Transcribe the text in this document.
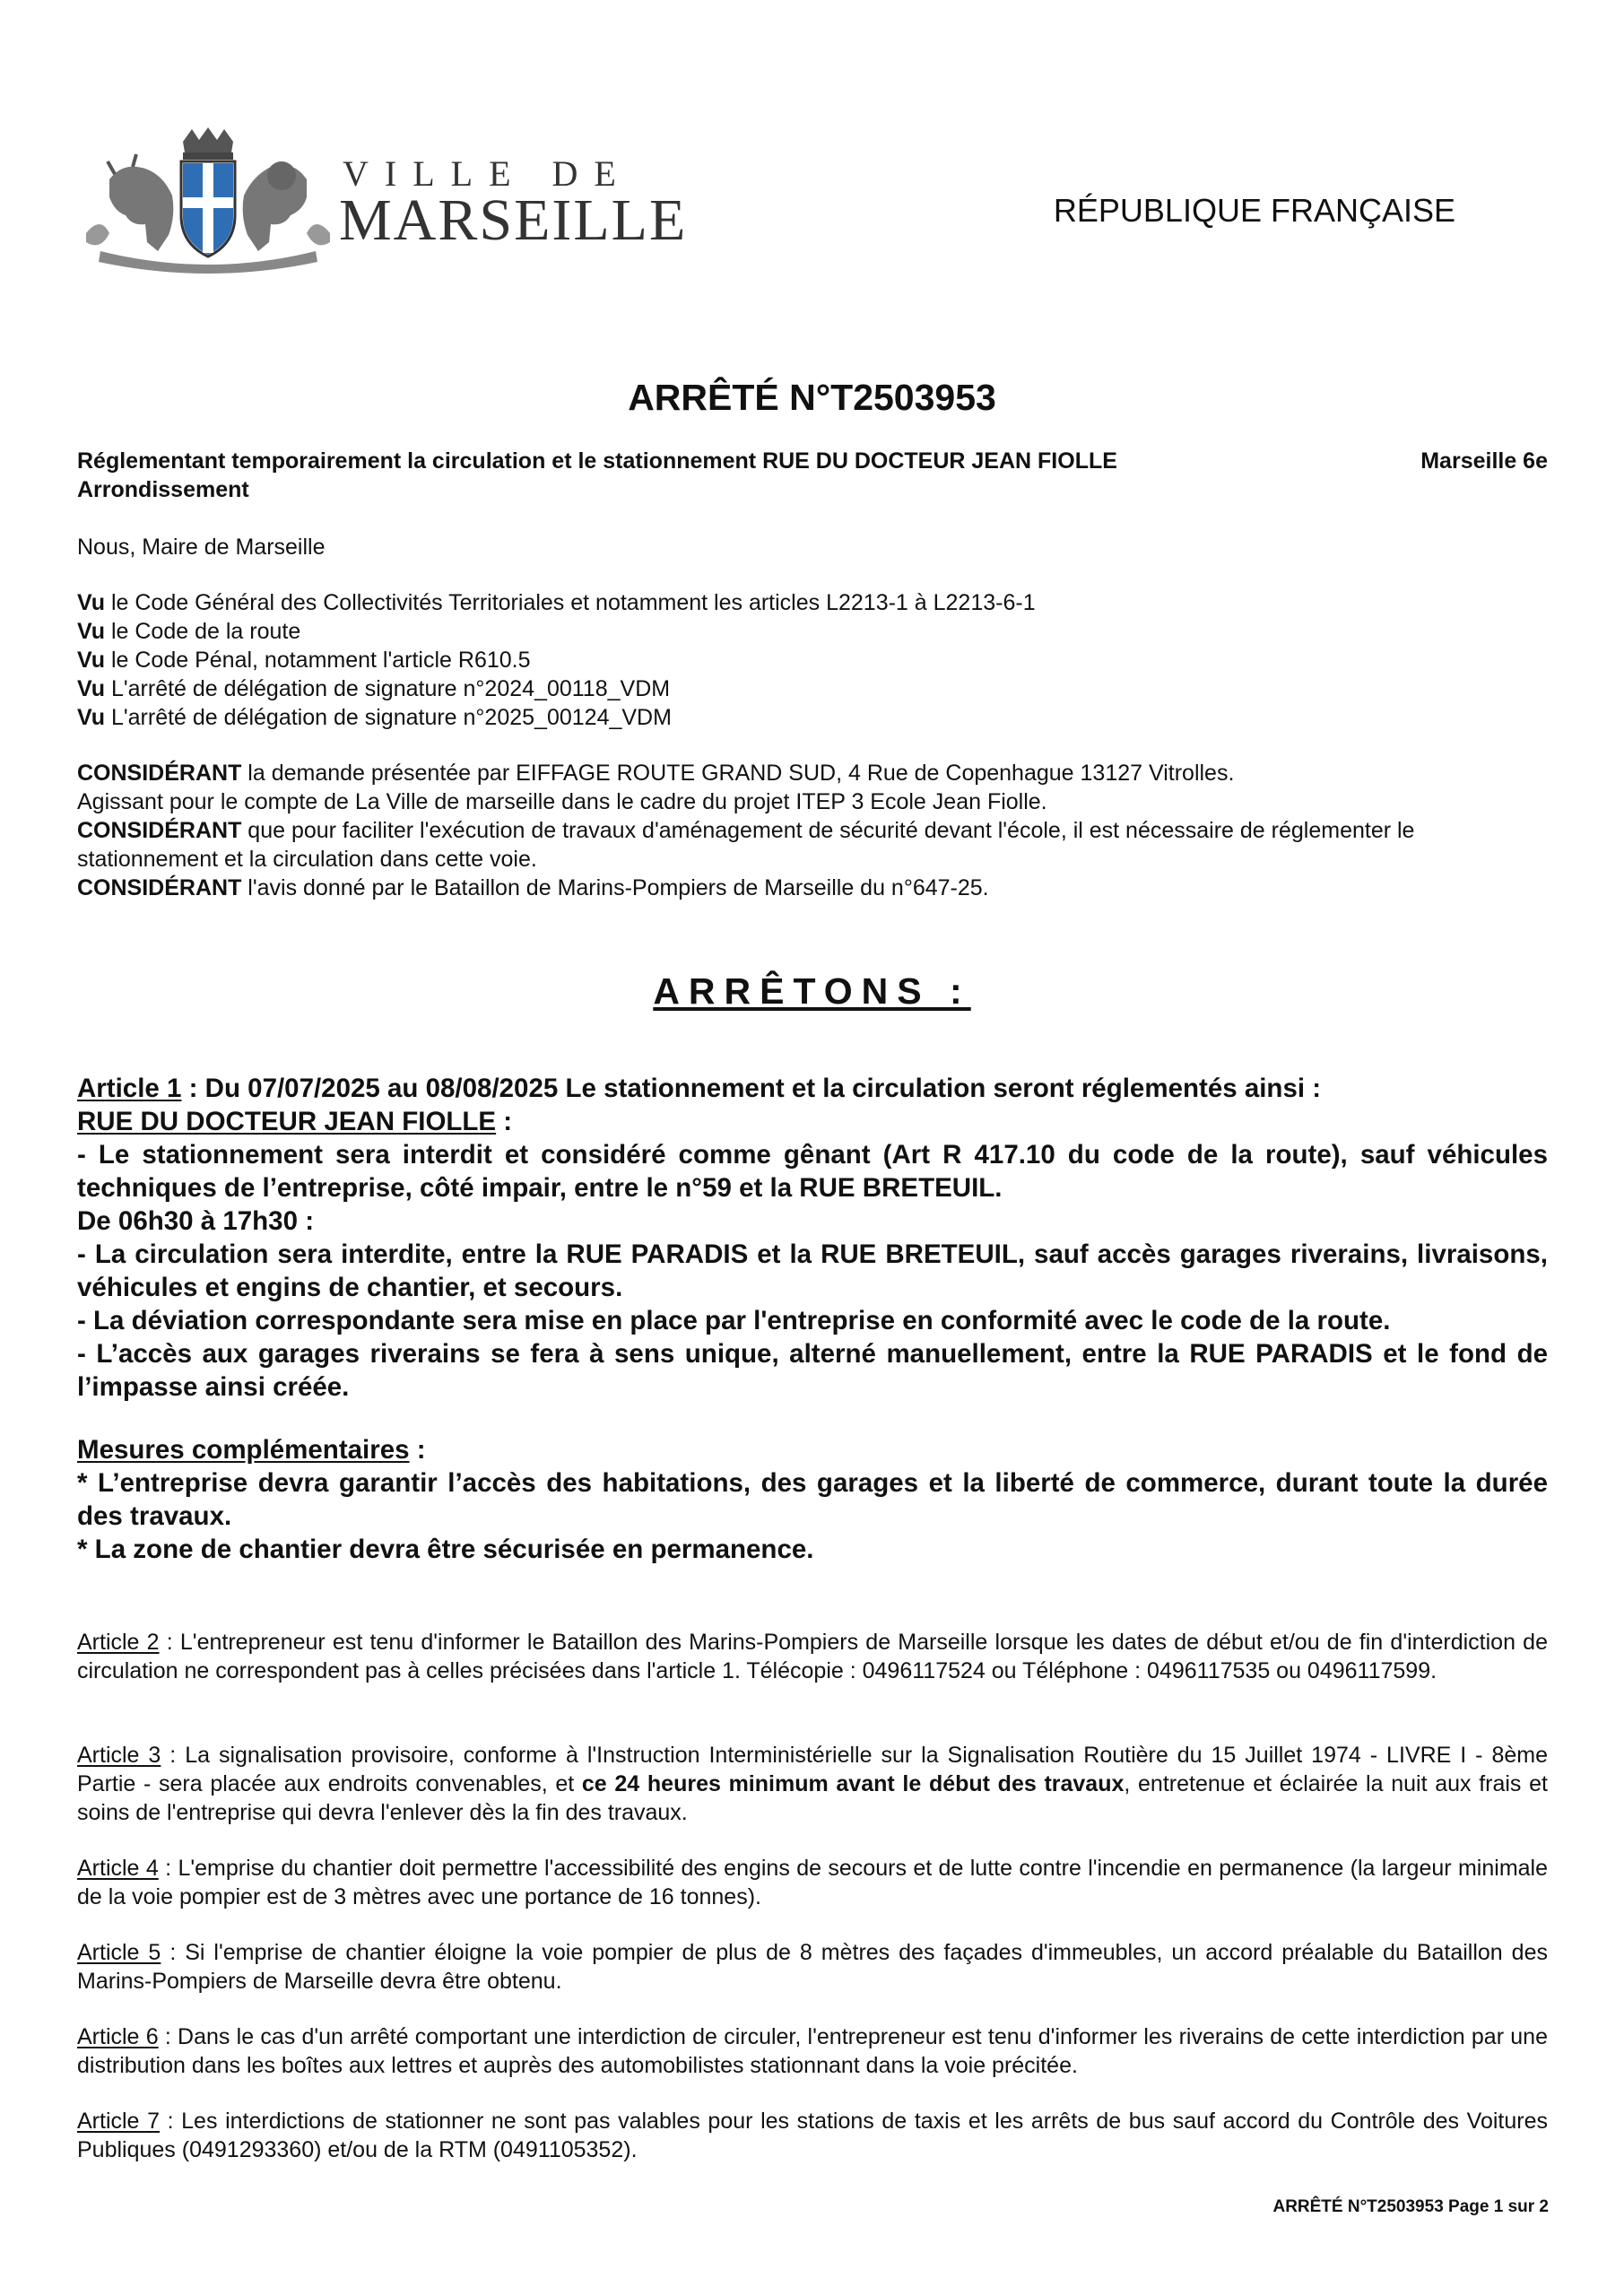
VILLE DE
MARSEILLE	RÉPUBLIQUE FRANÇAISE
ARRÊTÉ N°T2503953
Marseille 6e
Réglementant temporairement la circulation et le stationnement RUE DU DOCTEUR JEAN FIOLLE
Arrondissement
Nous, Maire de Marseille
Vu le Code Général des Collectivités Territoriales et notamment les articles L2213-1 à L2213-6-1
Vu le Code de la route
Vu le Code Pénal, notamment l'article R610.5
Vu L'arrêté de délégation de signature n°2024_00118_VDM
Vu L'arrêté de délégation de signature n°2025_00124_VDM
CONSIDÉRANT la demande présentée par EIFFAGE ROUTE GRAND SUD, 4 Rue de Copenhague 13127 Vitrolles.
Agissant pour le compte de La Ville de marseille dans le cadre du projet ITEP 3 Ecole Jean Fiolle.
CONSIDÉRANT que pour faciliter l'exécution de travaux d'aménagement de sécurité devant l'école, il est nécessaire de réglementer le stationnement et la circulation dans cette voie.
CONSIDÉRANT l'avis donné par le Bataillon de Marins-Pompiers de Marseille du n°647-25.
ARRÊTONS :
Article 1 : Du 07/07/2025 au 08/08/2025 Le stationnement et la circulation seront réglementés ainsi :
RUE DU DOCTEUR JEAN FIOLLE :
- Le stationnement sera interdit et considéré comme gênant (Art R 417.10 du code de la route), sauf véhicules techniques de l’entreprise, côté impair, entre le n°59 et la RUE BRETEUIL.
De 06h30 à 17h30 :
- La circulation sera interdite, entre la RUE PARADIS et la RUE BRETEUIL, sauf accès garages riverains, livraisons, véhicules et engins de chantier, et secours.
- La déviation correspondante sera mise en place par l'entreprise en conformité avec le code de la route.
- L’accès aux garages riverains se fera à sens unique, alterné manuellement, entre la RUE PARADIS et le fond de l’impasse ainsi créée.
Mesures complémentaires :
* L’entreprise devra garantir l’accès des habitations, des garages et la liberté de commerce, durant toute la durée des travaux.
* La zone de chantier devra être sécurisée en permanence.
Article 2 : L'entrepreneur est tenu d'informer le Bataillon des Marins-Pompiers de Marseille lorsque les dates de début et/ou de fin d'interdiction de circulation ne correspondent pas à celles précisées dans l'article 1. Télécopie : 0496117524 ou Téléphone : 0496117535 ou 0496117599.
Article 3 : La signalisation provisoire, conforme à l'Instruction Interministérielle sur la Signalisation Routière du 15 Juillet 1974 - LIVRE I - 8ème Partie - sera placée aux endroits convenables, et ce 24 heures minimum avant le début des travaux, entretenue et éclairée la nuit aux frais et soins de l'entreprise qui devra l'enlever dès la fin des travaux.
Article 4 : L'emprise du chantier doit permettre l'accessibilité des engins de secours et de lutte contre l'incendie en permanence (la largeur minimale de la voie pompier est de 3 mètres avec une portance de 16 tonnes).
Article 5 : Si l'emprise de chantier éloigne la voie pompier de plus de 8 mètres des façades d'immeubles, un accord préalable du Bataillon des Marins-Pompiers de Marseille devra être obtenu.
Article 6 : Dans le cas d'un arrêté comportant une interdiction de circuler, l'entrepreneur est tenu d'informer les riverains de cette interdiction par une distribution dans les boîtes aux lettres et auprès des automobilistes stationnant dans la voie précitée.
Article 7 : Les interdictions de stationner ne sont pas valables pour les stations de taxis et les arrêts de bus sauf accord du Contrôle des Voitures Publiques (0491293360) et/ou de la RTM (0491105352).
ARRÊTÉ N°T2503953 Page 1 sur 2
